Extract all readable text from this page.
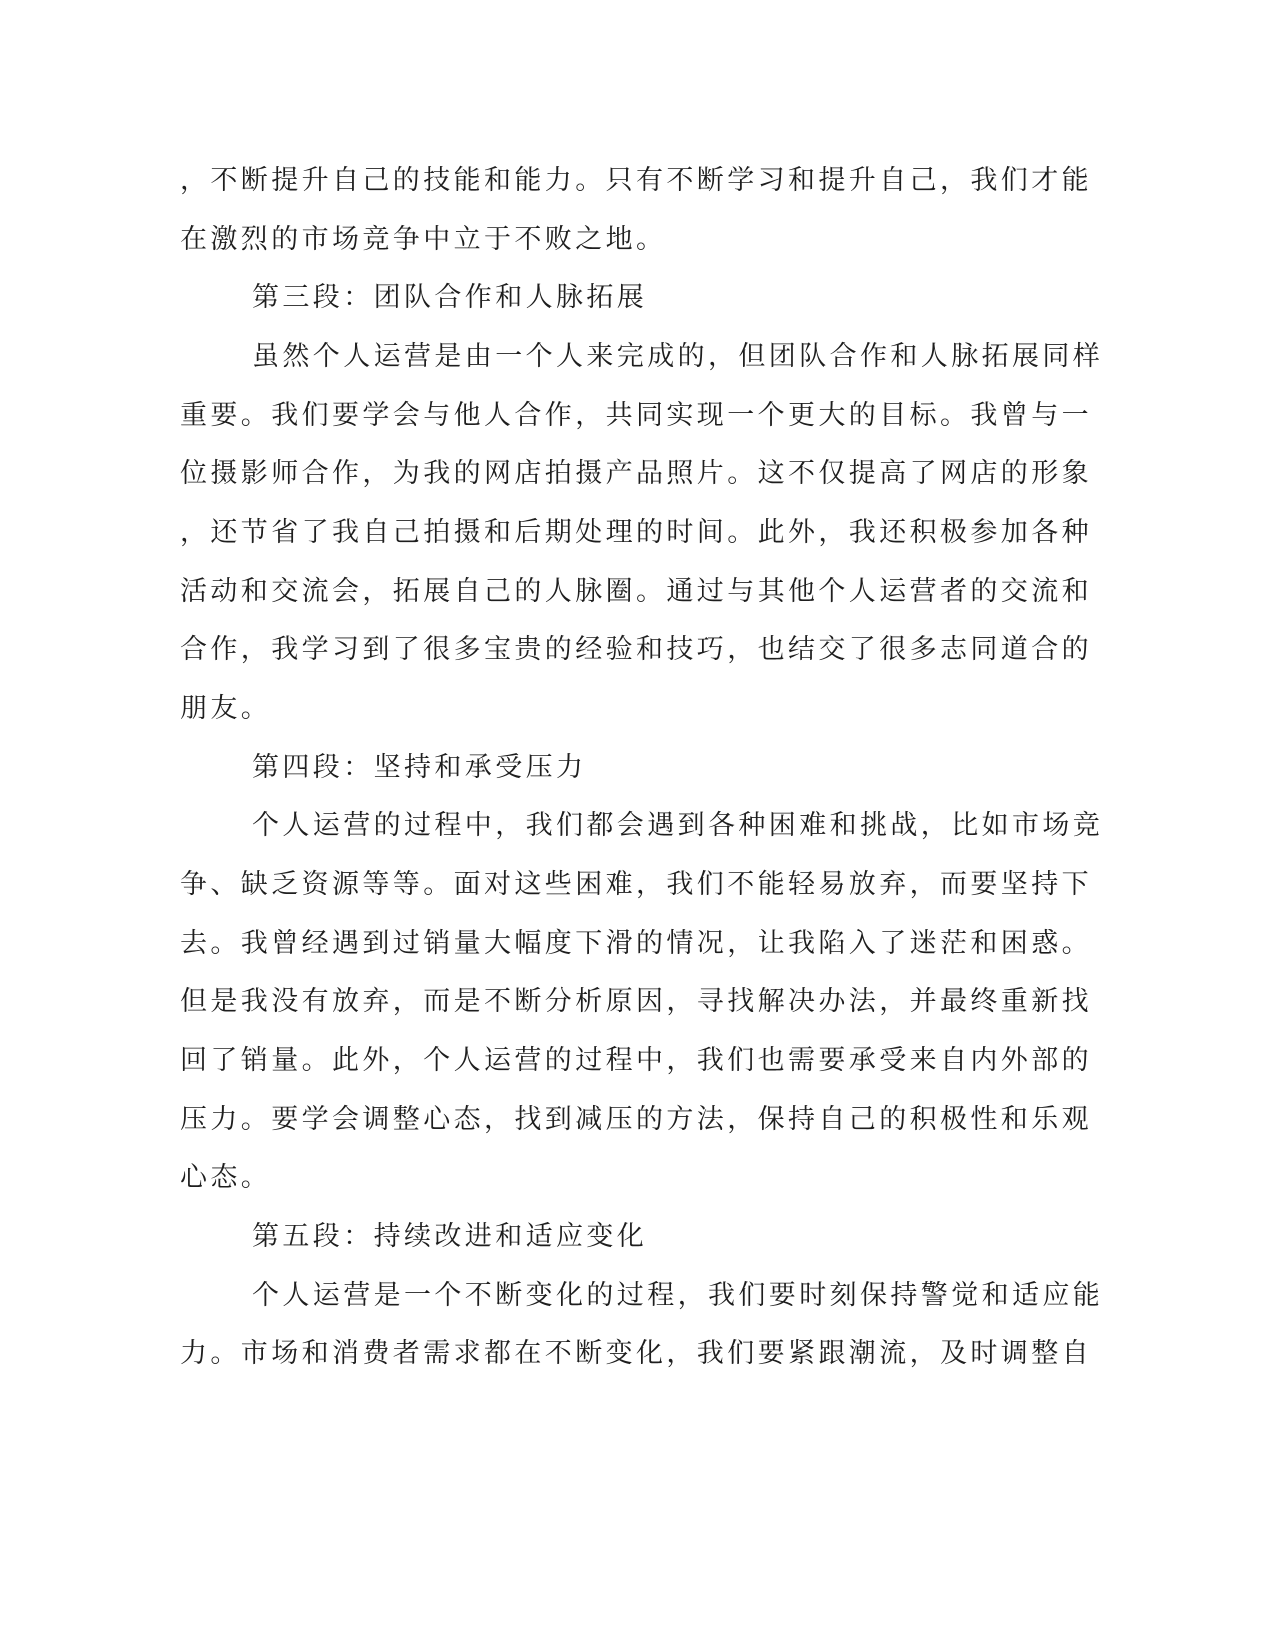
，不断提升自己的技能和能力。只有不断学习和提升自己，我们才能

在激烈的市场竞争中立于不败之地。

第三段：团队合作和人脉拓展

虽然个人运营是由一个人来完成的，但团队合作和人脉拓展同样

重要。我们要学会与他人合作，共同实现一个更大的目标。我曾与一

位摄影师合作，为我的网店拍摄产品照片。这不仅提高了网店的形象

，还节省了我自己拍摄和后期处理的时间。此外，我还积极参加各种

活动和交流会，拓展自己的人脉圈。通过与其他个人运营者的交流和

合作，我学习到了很多宝贵的经验和技巧，也结交了很多志同道合的

朋友。

第四段：坚持和承受压力

个人运营的过程中，我们都会遇到各种困难和挑战，比如市场竞

争、缺乏资源等等。面对这些困难，我们不能轻易放弃，而要坚持下

去。我曾经遇到过销量大幅度下滑的情况，让我陷入了迷茫和困惑。

但是我没有放弃，而是不断分析原因，寻找解决办法，并最终重新找

回了销量。此外，个人运营的过程中，我们也需要承受来自内外部的

压力。要学会调整心态，找到减压的方法，保持自己的积极性和乐观

心态。

第五段：持续改进和适应变化

个人运营是一个不断变化的过程，我们要时刻保持警觉和适应能

力。市场和消费者需求都在不断变化，我们要紧跟潮流，及时调整自
